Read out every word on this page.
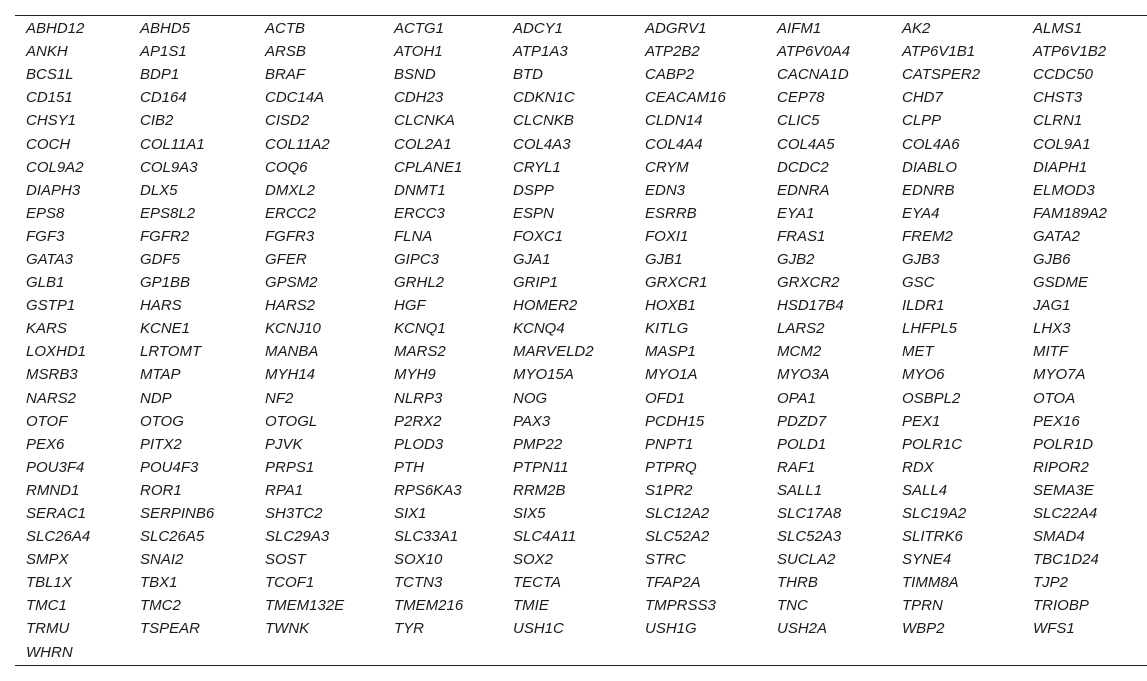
ABHD12	ABHD5	ACTB	ACTG1	ADCY1	ADGRV1	AIFM1	AK2	ALMS1
ANKH	AP1S1	ARSB	ATOH1	ATP1A3	ATP2B2	ATP6V0A4	ATP6V1B1	ATP6V1B2
BCS1L	BDP1	BRAF	BSND	BTD	CABP2	CACNA1D	CATSPER2	CCDC50
CD151	CD164	CDC14A	CDH23	CDKN1C	CEACAM16	CEP78	CHD7	CHST3
CHSY1	CIB2	CISD2	CLCNKA	CLCNKB	CLDN14	CLIC5	CLPP	CLRN1
COCH	COL11A1	COL11A2	COL2A1	COL4A3	COL4A4	COL4A5	COL4A6	COL9A1
COL9A2	COL9A3	COQ6	CPLANE1	CRYL1	CRYM	DCDC2	DIABLO	DIAPH1
DIAPH3	DLX5	DMXL2	DNMT1	DSPP	EDN3	EDNRA	EDNRB	ELMOD3
EPS8	EPS8L2	ERCC2	ERCC3	ESPN	ESRRB	EYA1	EYA4	FAM189A2
FGF3	FGFR2	FGFR3	FLNA	FOXC1	FOXI1	FRAS1	FREM2	GATA2
GATA3	GDF5	GFER	GIPC3	GJA1	GJB1	GJB2	GJB3	GJB6
GLB1	GP1BB	GPSM2	GRHL2	GRIP1	GRXCR1	GRXCR2	GSC	GSDME
GSTP1	HARS	HARS2	HGF	HOMER2	HOXB1	HSD17B4	ILDR1	JAG1
KARS	KCNE1	KCNJ10	KCNQ1	KCNQ4	KITLG	LARS2	LHFPL5	LHX3
LOXHD1	LRTOMT	MANBA	MARS2	MARVELD2	MASP1	MCM2	MET	MITF
MSRB3	MTAP	MYH14	MYH9	MYO15A	MYO1A	MYO3A	MYO6	MYO7A
NARS2	NDP	NF2	NLRP3	NOG	OFD1	OPA1	OSBPL2	OTOA
OTOF	OTOG	OTOGL	P2RX2	PAX3	PCDH15	PDZD7	PEX1	PEX16
PEX6	PITX2	PJVK	PLOD3	PMP22	PNPT1	POLD1	POLR1C	POLR1D
POU3F4	POU4F3	PRPS1	PTH	PTPN11	PTPRQ	RAF1	RDX	RIPOR2
RMND1	ROR1	RPA1	RPS6KA3	RRM2B	S1PR2	SALL1	SALL4	SEMA3E
SERAC1	SERPINB6	SH3TC2	SIX1	SIX5	SLC12A2	SLC17A8	SLC19A2	SLC22A4
SLC26A4	SLC26A5	SLC29A3	SLC33A1	SLC4A11	SLC52A2	SLC52A3	SLITRK6	SMAD4
SMPX	SNAI2	SOST	SOX10	SOX2	STRC	SUCLA2	SYNE4	TBC1D24
TBL1X	TBX1	TCOF1	TCTN3	TECTA	TFAP2A	THRB	TIMM8A	TJP2
TMC1	TMC2	TMEM132E	TMEM216	TMIE	TMPRSS3	TNC	TPRN	TRIOBP
TRMU	TSPEAR	TWNK	TYR	USH1C	USH1G	USH2A	WBP2	WFS1
WHRN								
